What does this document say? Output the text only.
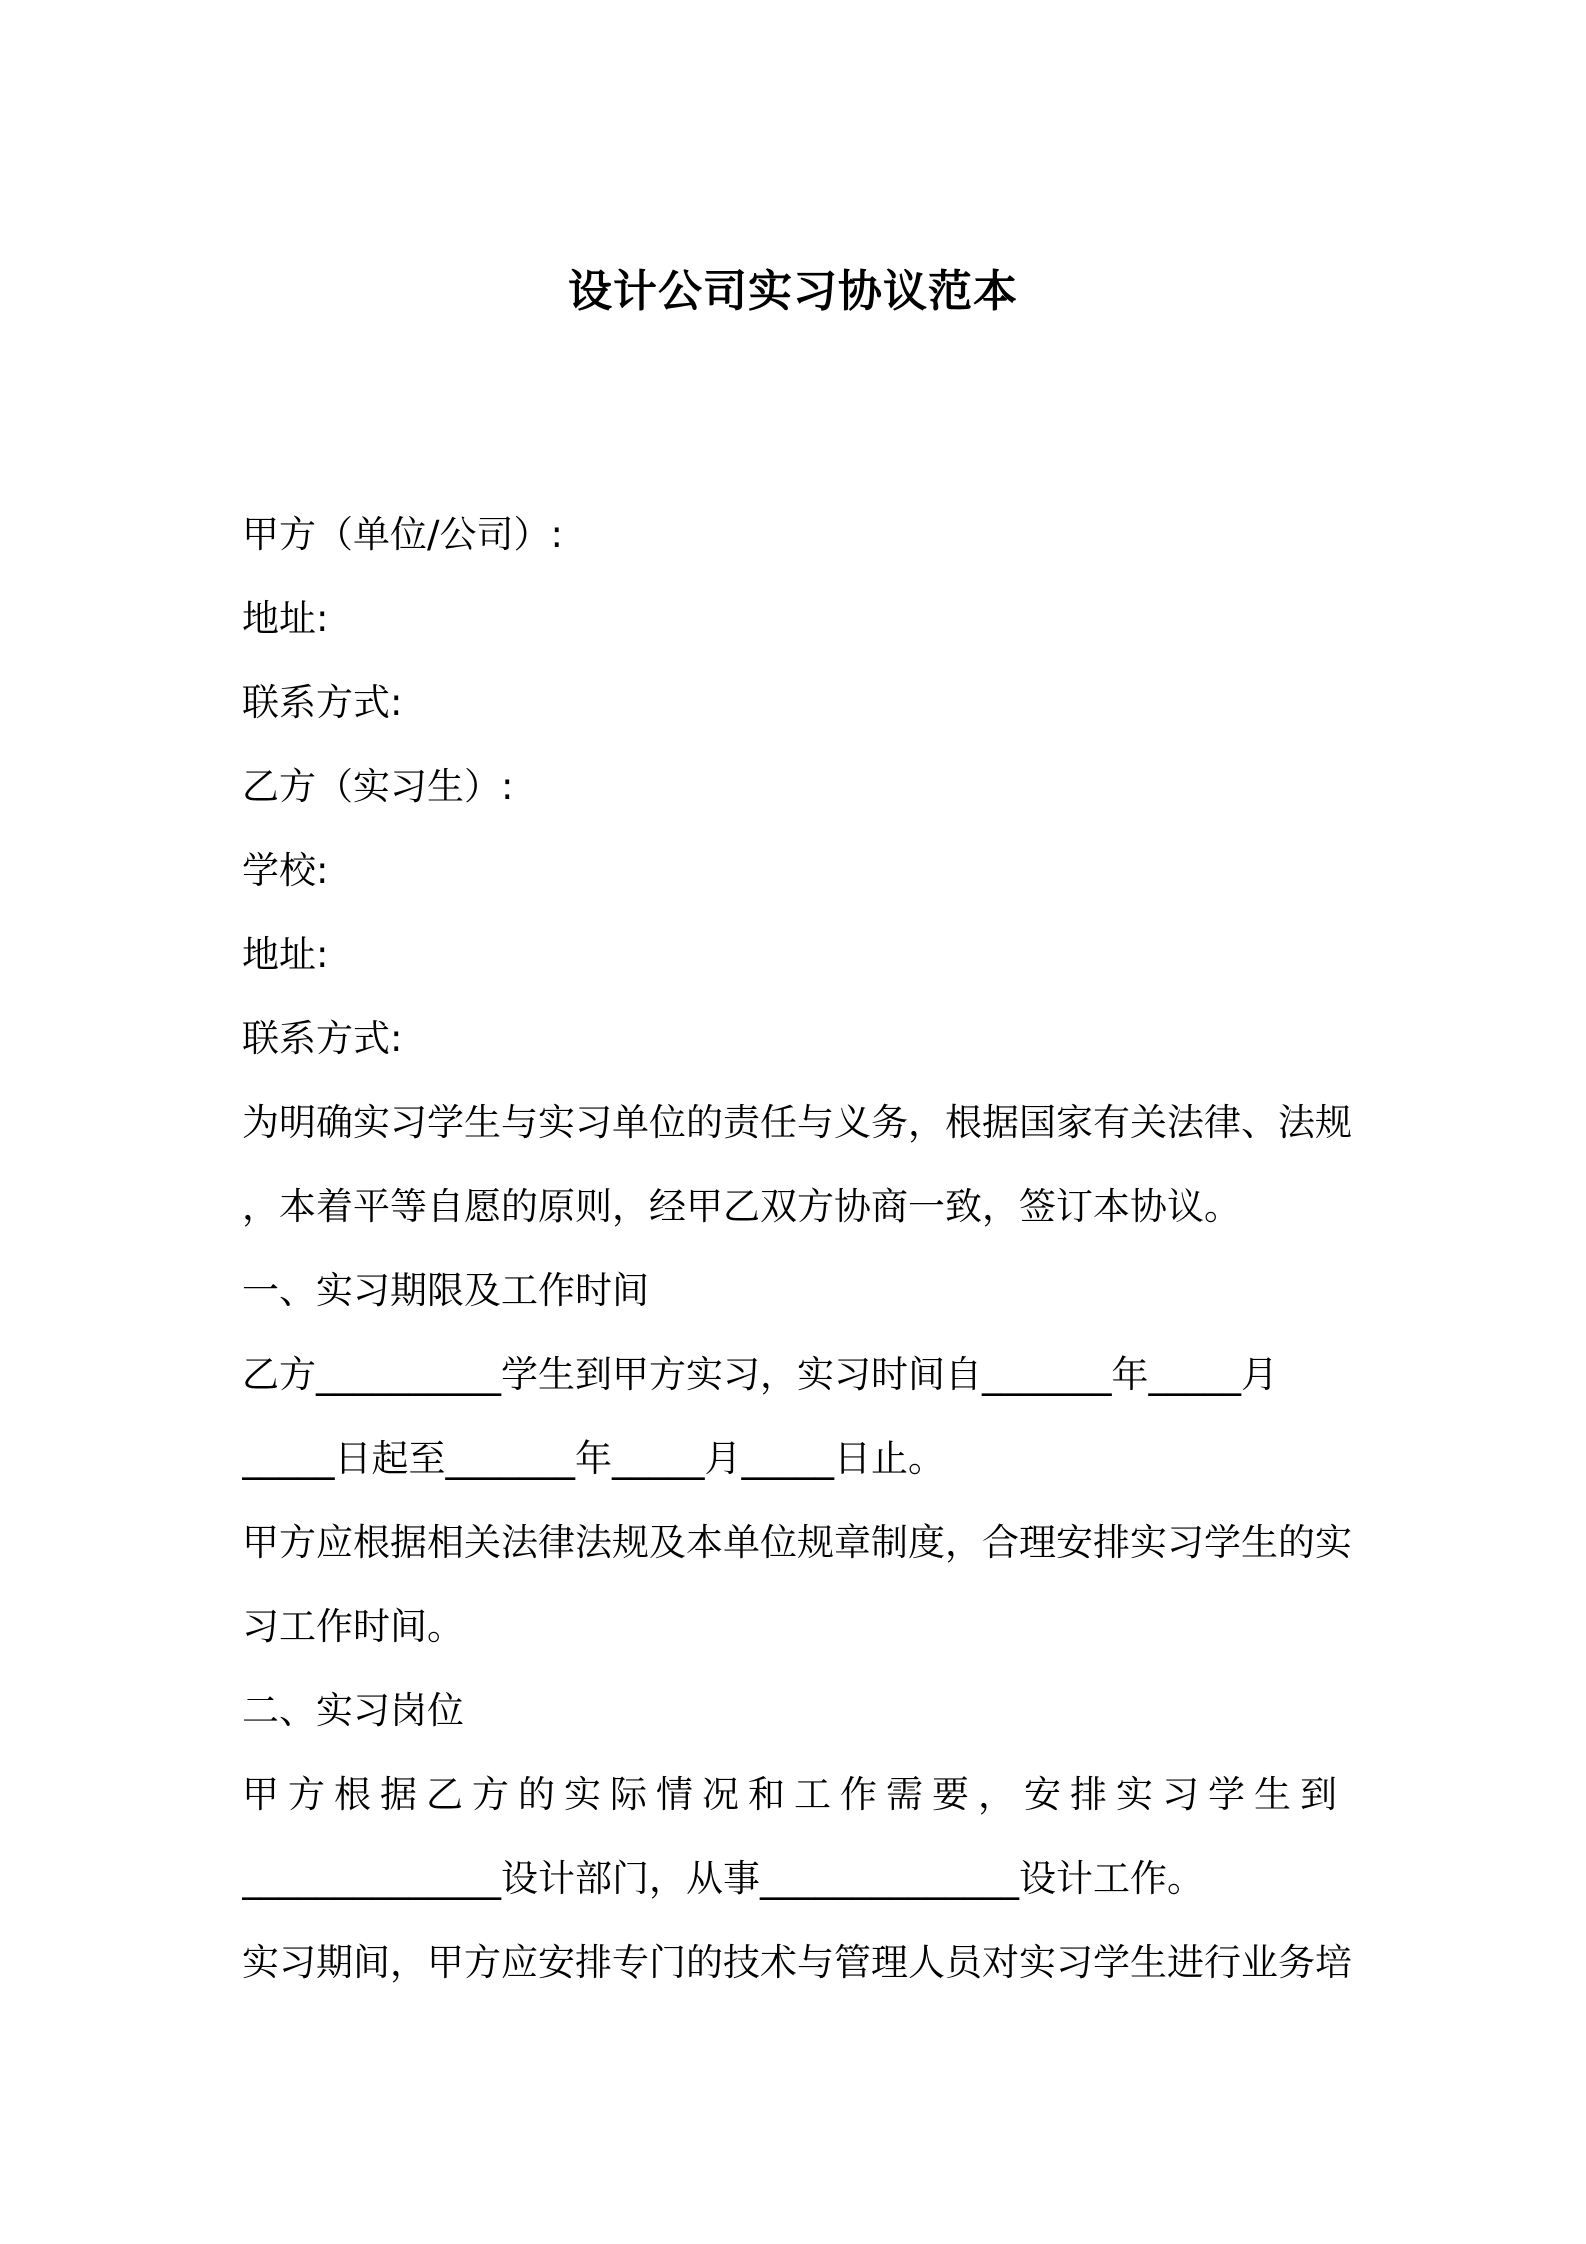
设计公司实习协议范本
甲方（单位/公司）:
地址:
联系方式:
乙方（实习生）:
学校:
地址:
联系方式:
为明确实习学生与实习单位的责任与义务，根据国家有关法律、法规
，本着平等自愿的原则，经甲乙双方协商一致，签订本协议。
一、实习期限及工作时间
乙方__________学生到甲方实习，实习时间自_______年_____月
_____日起至_______年_____月_____日止。
甲方应根据相关法律法规及本单位规章制度，合理安排实习学生的实
习工作时间。
二、实习岗位
甲方根据乙方的实际情况和工作需要，安排实习学生到
______________设计部门，从事______________设计工作。
实习期间，甲方应安排专门的技术与管理人员对实习学生进行业务培
